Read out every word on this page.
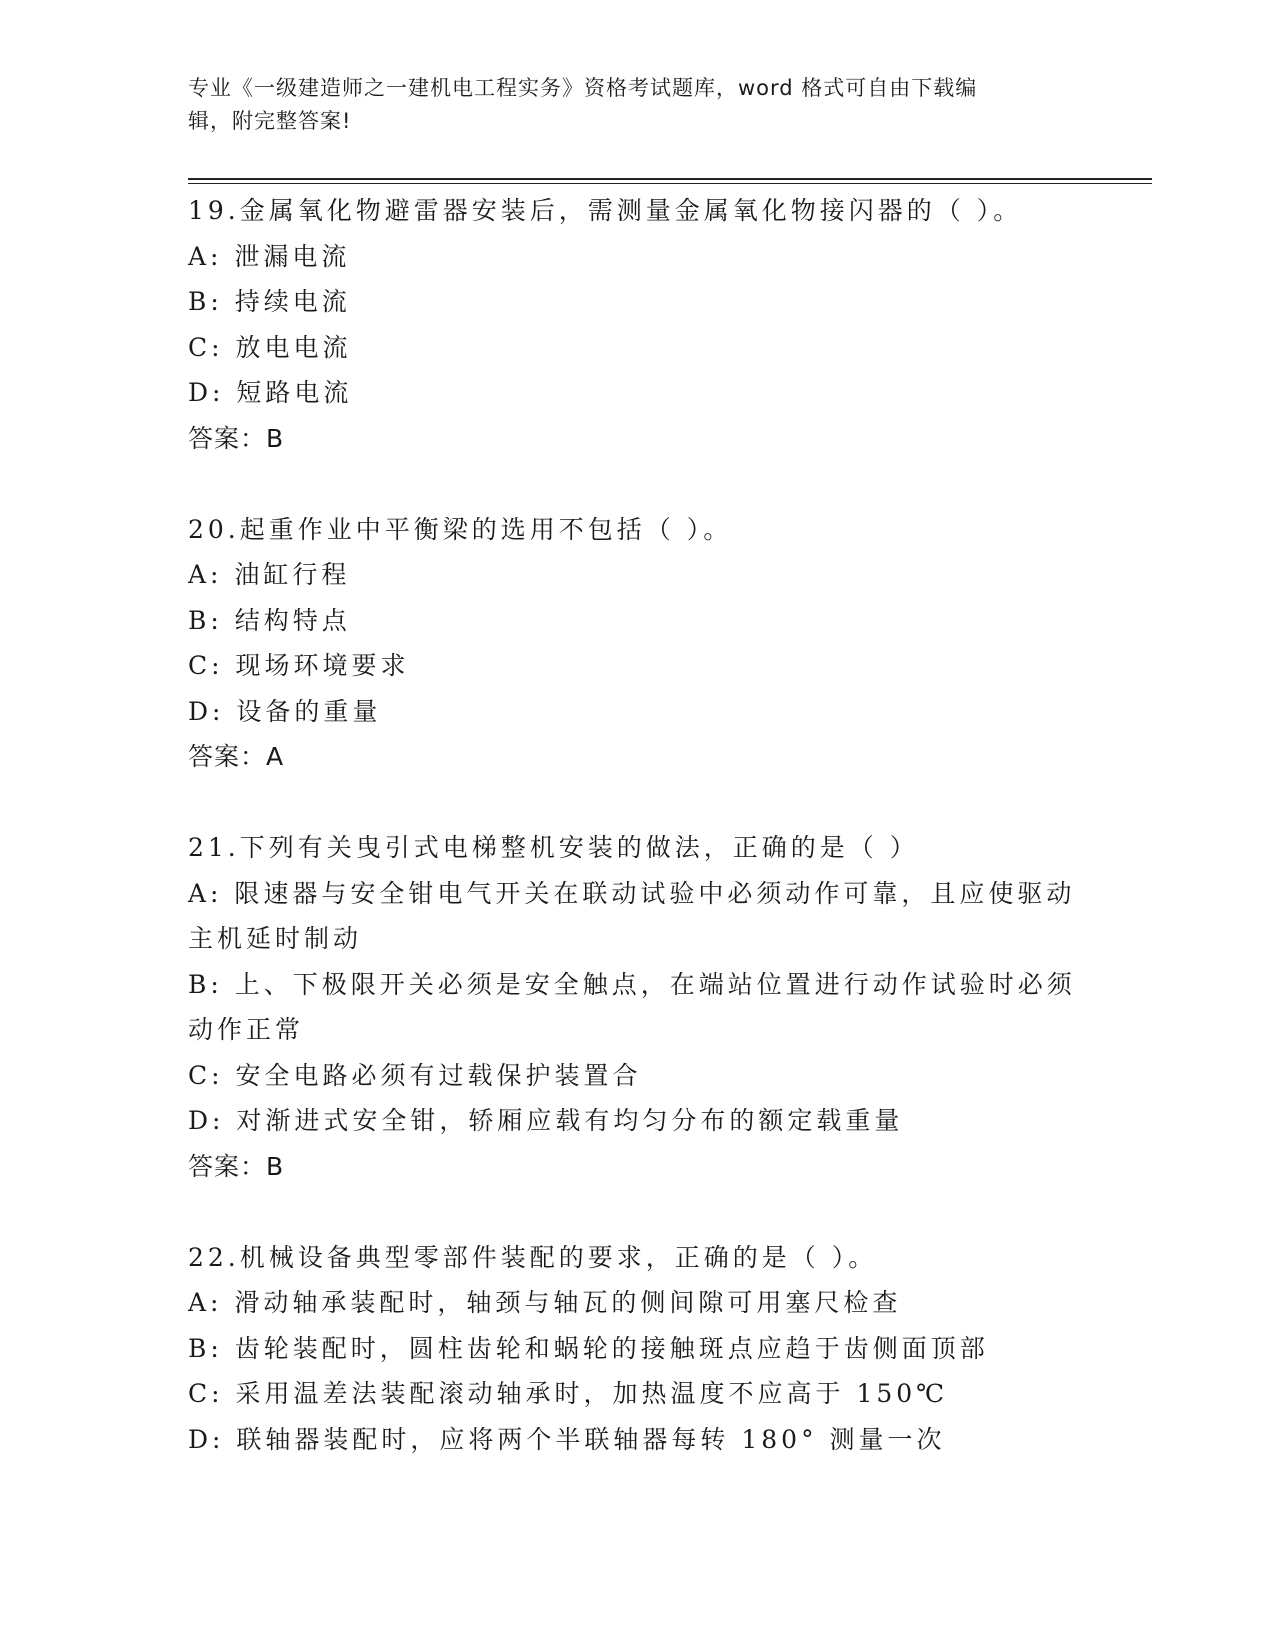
专业《一级建造师之一建机电工程实务》资格考试题库，word 格式可自由下载编
辑，附完整答案!

19.金属氧化物避雷器安装后，需测量金属氧化物接闪器的（ ）。

A: 泄漏电流

B: 持续电流

C: 放电电流

D: 短路电流

答案：B

20.起重作业中平衡梁的选用不包括（ ）。

A: 油缸行程

B: 结构特点

C: 现场环境要求

D: 设备的重量

答案：A

21.下列有关曳引式电梯整机安装的做法，正确的是（ ）

A: 限速器与安全钳电气开关在联动试验中必须动作可靠，且应使驱动主机延时制动

B: 上、下极限开关必须是安全触点，在端站位置进行动作试验时必须动作正常

C: 安全电路必须有过载保护装置合

D: 对渐进式安全钳，轿厢应载有均匀分布的额定载重量

答案：B

22.机械设备典型零部件装配的要求，正确的是（ ）。

A: 滑动轴承装配时，轴颈与轴瓦的侧间隙可用塞尺检查

B: 齿轮装配时，圆柱齿轮和蜗轮的接触斑点应趋于齿侧面顶部

C: 采用温差法装配滚动轴承时，加热温度不应高于 150℃

D: 联轴器装配时，应将两个半联轴器每转 180° 测量一次
